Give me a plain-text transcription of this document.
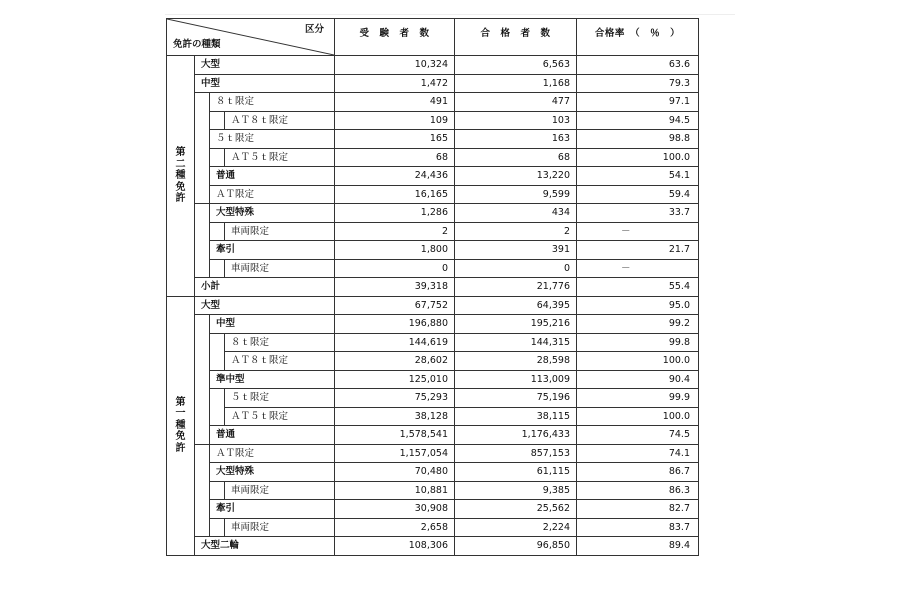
区分
免許の種類				受　験　者　数	合　格　者　数	合格率　（　％　）

第
二
種
免
許	大型			10,324	6,563	63.6
	中型			1,472	1,168	79.3
		８ｔ限定		491	477	97.1
			ＡＴ８ｔ限定	109	103	94.5
		５ｔ限定		165	163	98.8
			ＡＴ５ｔ限定	68	68	100.0
		普通		24,436	13,220	54.1
		ＡＴ限定		16,165	9,599	59.4
		大型特殊		1,286	434	33.7
			車両限定	2	2	－
		牽引		1,800	391	21.7
			車両限定	0	0	－
	小計			39,318	21,776	55.4

第
一
種
免
許	大型			67,752	64,395	95.0
		中型		196,880	195,216	99.2
			８ｔ限定	144,619	144,315	99.8
			ＡＴ８ｔ限定	28,602	28,598	100.0
		準中型		125,010	113,009	90.4
			５ｔ限定	75,293	75,196	99.9
			ＡＴ５ｔ限定	38,128	38,115	100.0
		普通		1,578,541	1,176,433	74.5
		ＡＴ限定		1,157,054	857,153	74.1
		大型特殊		70,480	61,115	86.7
			車両限定	10,881	9,385	86.3
		牽引		30,908	25,562	82.7
			車両限定	2,658	2,224	83.7
	大型二輪			108,306	96,850	89.4
